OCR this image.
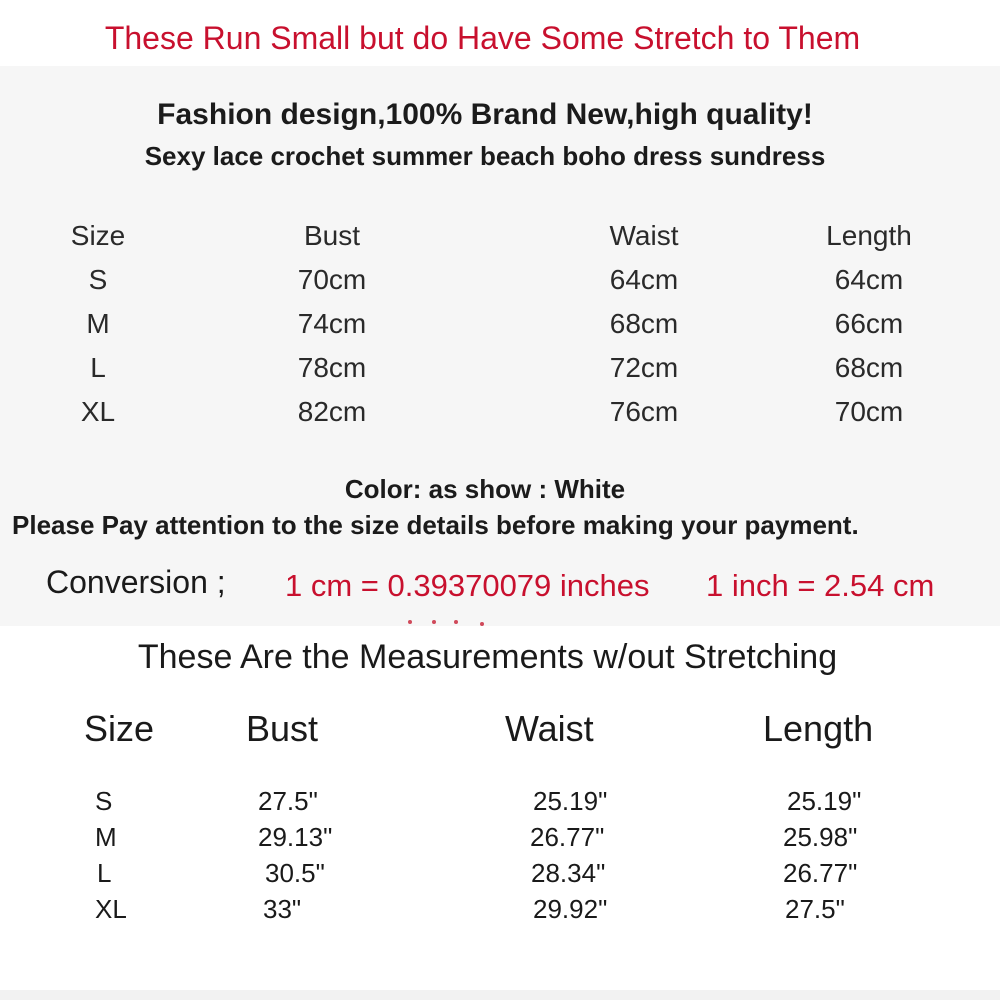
These Run Small but do Have Some Stretch to Them
Fashion design,100% Brand New,high quality!
Sexy lace crochet summer beach boho dress sundress
Size	Bust	Waist	Length
S	70cm	64cm	64cm
M	74cm	68cm	66cm
L	78cm	72cm	68cm
XL	82cm	76cm	70cm
Color: as show : White
Please Pay attention to the size details before making your payment.
Conversion ; 1 cm = 0.39370079 inches 1 inch = 2.54 cm
These Are the Measurements w/out Stretching
Size	Bust	Waist	Length
S	27.5"	25.19"	25.19"
M	29.13"	26.77"	25.98"
L	30.5"	28.34"	26.77"
XL	33"	29.92"	27.5"
